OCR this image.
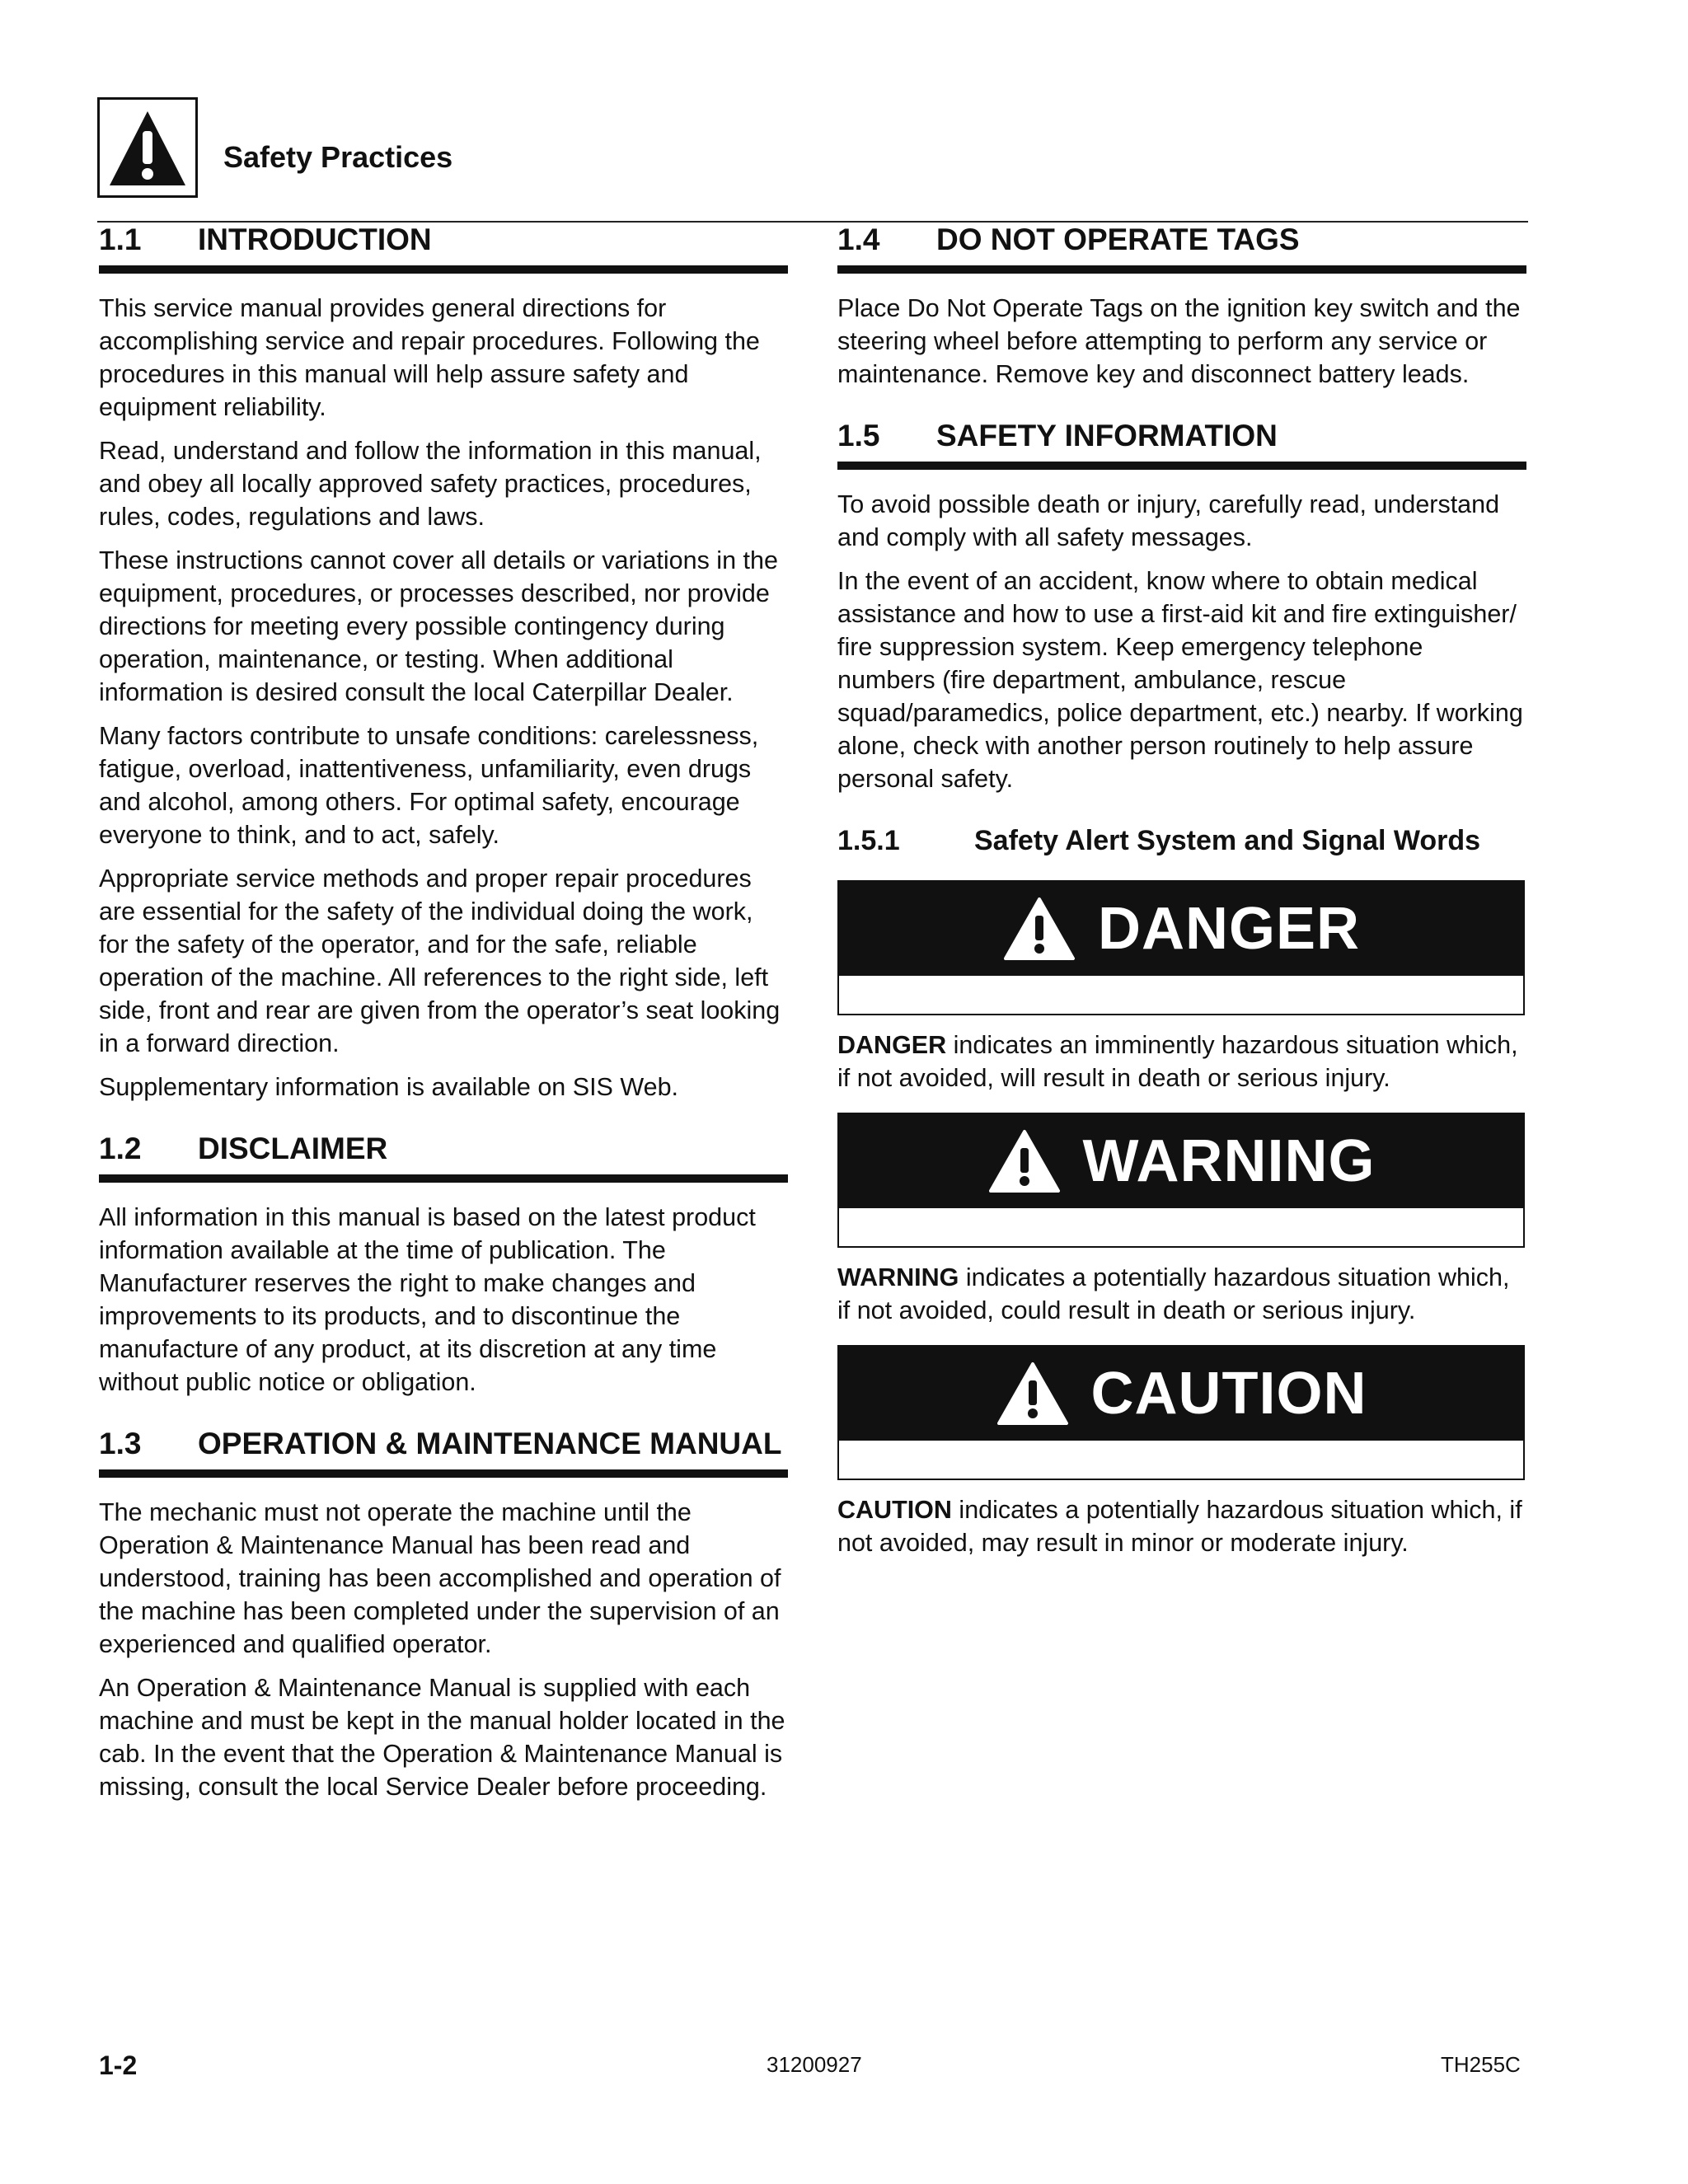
Safety Practices
1.1	INTRODUCTION

This service manual provides general directions for accomplishing service and repair procedures. Following the procedures in this manual will help assure safety and equipment reliability.

Read, understand and follow the information in this manual, and obey all locally approved safety practices, procedures, rules, codes, regulations and laws.

These instructions cannot cover all details or variations in the equipment, procedures, or processes described, nor provide directions for meeting every possible contingency during operation, maintenance, or testing. When additional information is desired consult the local Caterpillar Dealer.

Many factors contribute to unsafe conditions: carelessness, fatigue, overload, inattentiveness, unfamiliarity, even drugs and alcohol, among others. For optimal safety, encourage everyone to think, and to act, safely.

Appropriate service methods and proper repair procedures are essential for the safety of the individual doing the work, for the safety of the operator, and for the safe, reliable operation of the machine. All references to the right side, left side, front and rear are given from the operator’s seat looking in a forward direction.

Supplementary information is available on SIS Web.

1.2	DISCLAIMER

All information in this manual is based on the latest product information available at the time of publication. The Manufacturer reserves the right to make changes and improvements to its products, and to discontinue the manufacture of any product, at its discretion at any time without public notice or obligation.

1.3	OPERATION & MAINTENANCE MANUAL

The mechanic must not operate the machine until the Operation & Maintenance Manual has been read and understood, training has been accomplished and operation of the machine has been completed under the supervision of an experienced and qualified operator.

An Operation & Maintenance Manual is supplied with each machine and must be kept in the manual holder located in the cab. In the event that the Operation & Maintenance Manual is missing, consult the local Service Dealer before proceeding.

1.4	DO NOT OPERATE TAGS

Place Do Not Operate Tags on the ignition key switch and the steering wheel before attempting to perform any service or maintenance. Remove key and disconnect battery leads.

1.5	SAFETY INFORMATION

To avoid possible death or injury, carefully read, understand and comply with all safety messages.

In the event of an accident, know where to obtain medical assistance and how to use a first-aid kit and fire extinguisher/ fire suppression system. Keep emergency telephone numbers (fire department, ambulance, rescue squad/paramedics, police department, etc.) nearby. If working alone, check with another person routinely to help assure personal safety.

1.5.1	Safety Alert System and Signal Words
DANGER

DANGER indicates an imminently hazardous situation which, if not avoided, will result in death or serious injury.

WARNING

WARNING indicates a potentially hazardous situation which, if not avoided, could result in death or serious injury.

CAUTION

CAUTION indicates a potentially hazardous situation which, if not avoided, may result in minor or moderate injury.

1-2	31200927	TH255C
